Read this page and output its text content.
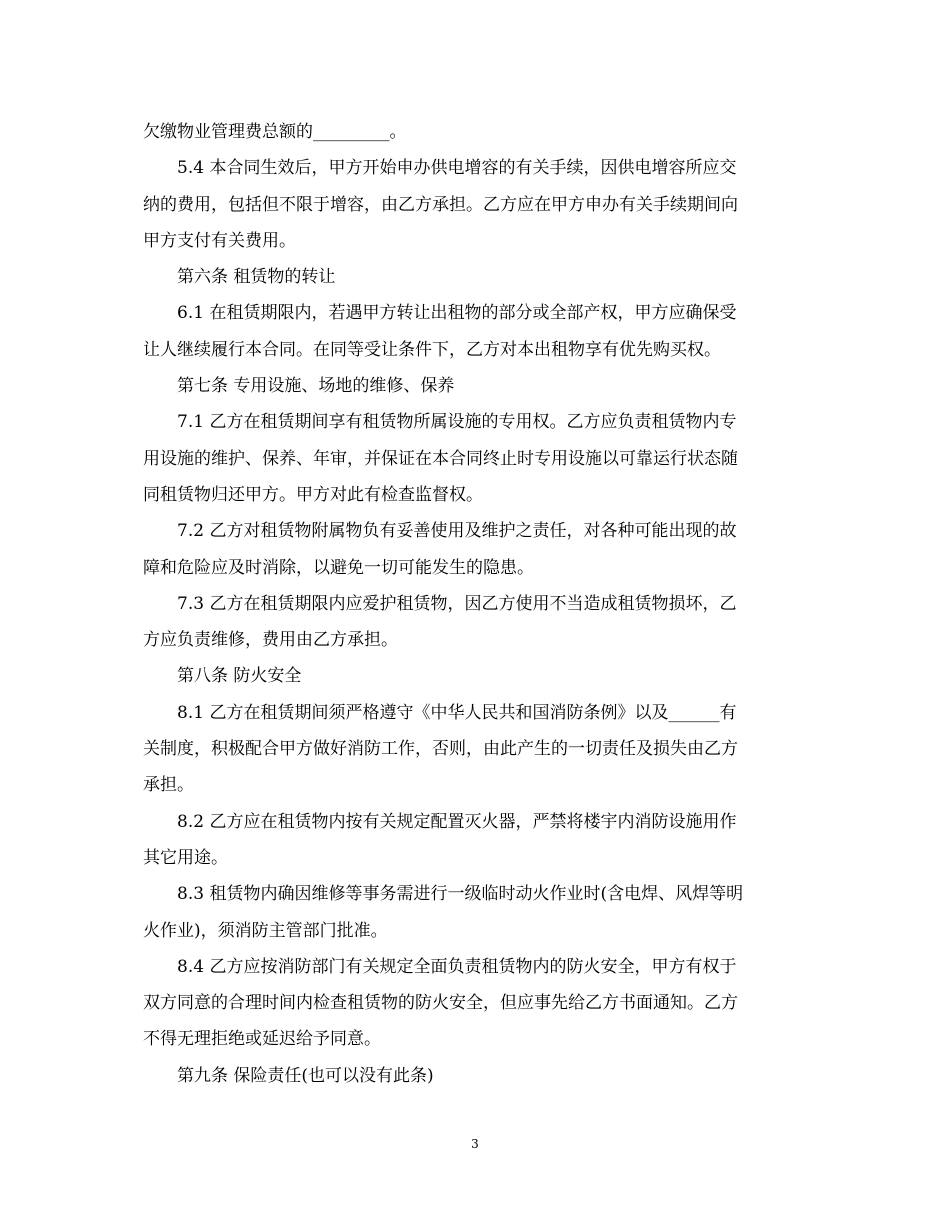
欠缴物业管理费总额的_________。
5.4 本合同生效后，甲方开始申办供电增容的有关手续，因供电增容所应交
纳的费用，包括但不限于增容，由乙方承担。乙方应在甲方申办有关手续期间向
甲方支付有关费用。
第六条 租赁物的转让
6.1 在租赁期限内，若遇甲方转让出租物的部分或全部产权，甲方应确保受
让人继续履行本合同。在同等受让条件下，乙方对本出租物享有优先购买权。
第七条 专用设施、场地的维修、保养
7.1 乙方在租赁期间享有租赁物所属设施的专用权。乙方应负责租赁物内专
用设施的维护、保养、年审，并保证在本合同终止时专用设施以可靠运行状态随
同租赁物归还甲方。甲方对此有检查监督权。
7.2 乙方对租赁物附属物负有妥善使用及维护之责任，对各种可能出现的故
障和危险应及时消除，以避免一切可能发生的隐患。
7.3 乙方在租赁期限内应爱护租赁物，因乙方使用不当造成租赁物损坏，乙
方应负责维修，费用由乙方承担。
第八条 防火安全
8.1 乙方在租赁期间须严格遵守《中华人民共和国消防条例》以及______有
关制度，积极配合甲方做好消防工作，否则，由此产生的一切责任及损失由乙方
承担。
8.2 乙方应在租赁物内按有关规定配置灭火器，严禁将楼宇内消防设施用作
其它用途。
8.3 租赁物内确因维修等事务需进行一级临时动火作业时(含电焊、风焊等明
火作业)，须消防主管部门批准。
8.4 乙方应按消防部门有关规定全面负责租赁物内的防火安全，甲方有权于
双方同意的合理时间内检查租赁物的防火安全，但应事先给乙方书面通知。乙方
不得无理拒绝或延迟给予同意。
第九条 保险责任(也可以没有此条)
3
